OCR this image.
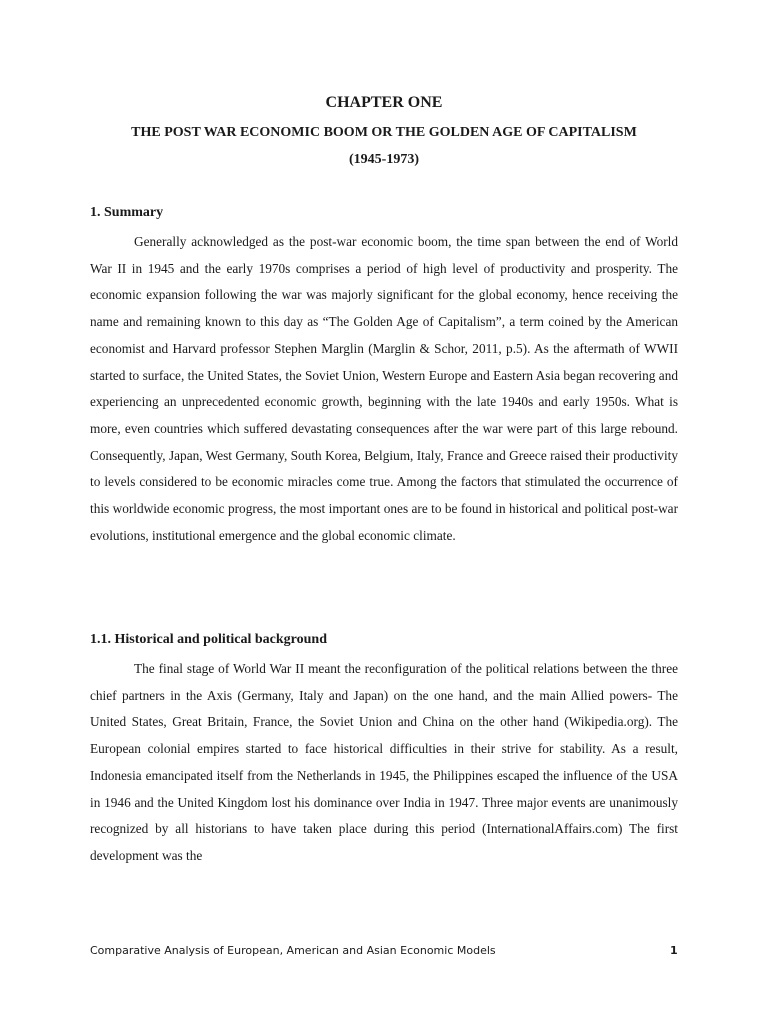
CHAPTER ONE
THE POST WAR ECONOMIC BOOM OR THE GOLDEN AGE OF CAPITALISM
(1945-1973)
1. Summary

Generally acknowledged as the post-war economic boom, the time span between the end of World War II in 1945 and the early 1970s comprises a period of high level of productivity and prosperity. The economic expansion following the war was majorly significant for the global economy, hence receiving the name and remaining known to this day as “The Golden Age of Capitalism”, a term coined by the American economist and Harvard professor Stephen Marglin (Marglin & Schor, 2011, p.5). As the aftermath of WWII started to surface, the United States, the Soviet Union, Western Europe and Eastern Asia began recovering and experiencing an unprecedented economic growth, beginning with the late 1940s and early 1950s. What is more, even countries which suffered devastating consequences after the war were part of this large rebound. Consequently, Japan, West Germany, South Korea, Belgium, Italy, France and Greece raised their productivity to levels considered to be economic miracles come true. Among the factors that stimulated the occurrence of this worldwide economic progress, the most important ones are to be found in historical and political post-war evolutions, institutional emergence and the global economic climate.

1.1. Historical and political background

The final stage of World War II meant the reconfiguration of the political relations between the three chief partners in the Axis (Germany, Italy and Japan) on the one hand, and the main Allied powers- The United States, Great Britain, France, the Soviet Union and China on the other hand (Wikipedia.org). The European colonial empires started to face historical difficulties in their strive for stability. As a result, Indonesia emancipated itself from the Netherlands in 1945, the Philippines escaped the influence of the USA in 1946 and the United Kingdom lost his dominance over India in 1947. Three major events are unanimously recognized by all historians to have taken place during this period (InternationalAffairs.com) The first development was the

Comparative Analysis of European, American and Asian Economic Models	1
